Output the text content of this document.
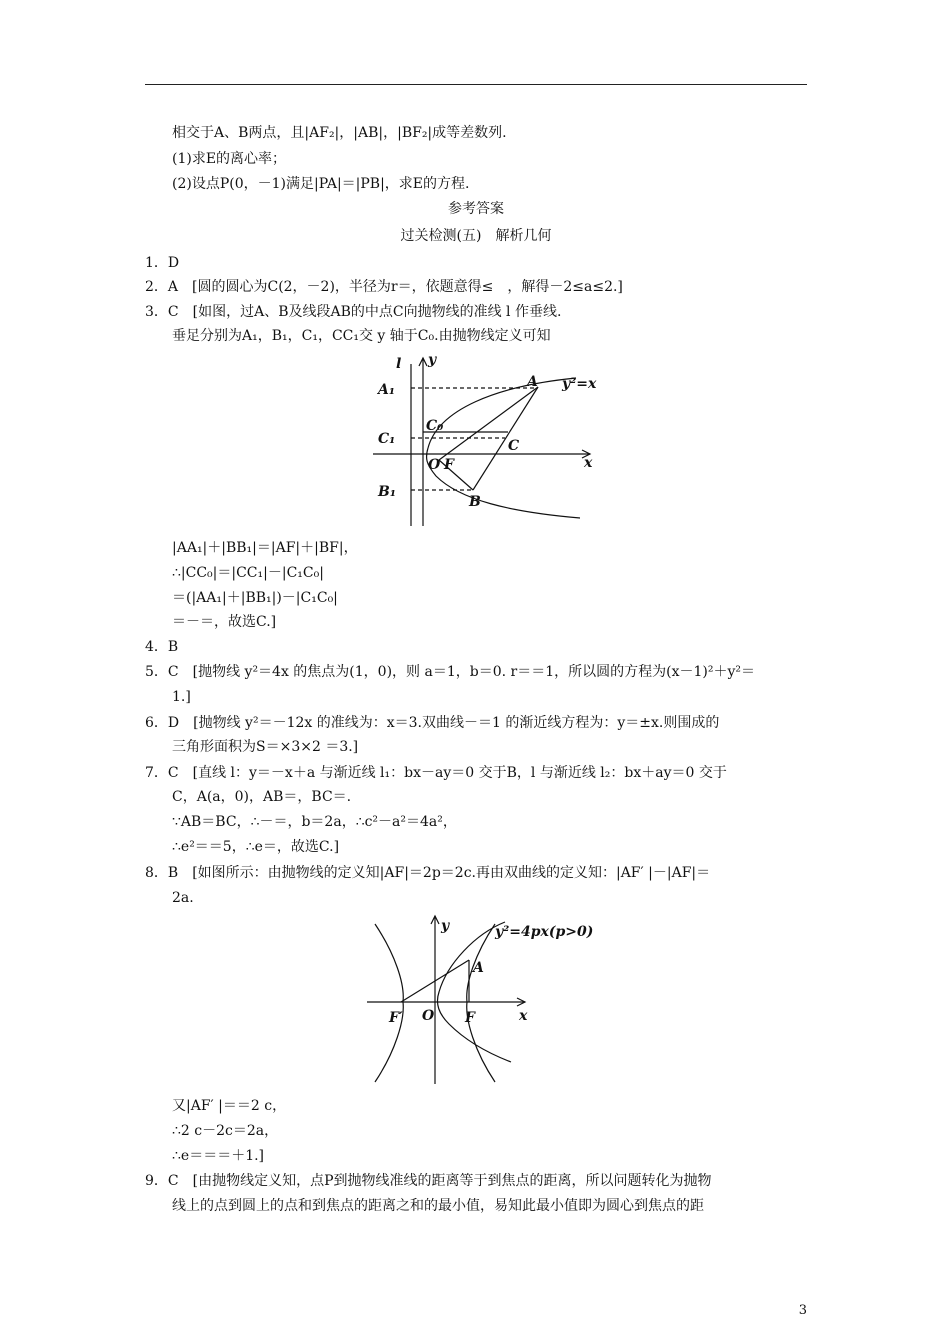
相交于A、B两点，且|AF₂|，|AB|，|BF₂|成等差数列.
(1)求E的离心率；
(2)设点P(0，－1)满足|PA|＝|PB|，求E的方程.
参考答案
过关检测(五)　解析几何
1．D
2．A　[圆的圆心为C(2，－2)，半径为r＝，依题意得≤　，解得－2≤a≤2.]
3．C　[如图，过A、B及线段AB的中点C向抛物线的准线 l 作垂线.
垂足分别为A₁，B₁，C₁，CC₁交 y 轴于C₀.由抛物线定义可知
l y
A y²=x
A₁
C₀
C₁	C
O F	x
B₁
B
|AA₁|＋|BB₁|＝|AF|＋|BF|，
∴|CC₀|＝|CC₁|－|C₁C₀|
＝(|AA₁|＋|BB₁|)－|C₁C₀|
＝－＝，故选C.]
4．B
5．C　[抛物线 y²＝4x 的焦点为(1，0)，则 a＝1，b＝0. r＝＝1，所以圆的方程为(x－1)²＋y²＝
1.]
6．D　[抛物线 y²＝－12x 的准线为：x＝3.双曲线－＝1 的渐近线方程为：y＝±x.则围成的
三角形面积为S＝×3×2 ＝3.]
7．C　[直线 l：y＝－x＋a 与渐近线 l₁：bx－ay＝0 交于B，l 与渐近线 l₂：bx＋ay＝0 交于
C，A(a，0)，AB＝，BC＝.
∵AB＝BC，∴－＝，b＝2a，∴c²－a²＝4a²，
∴e²＝＝5，∴e＝，故选C.]
8．B　[如图所示：由抛物线的定义知|AF|＝2p＝2c.再由双曲线的定义知：|AF′ |－|AF|＝
2a.
y	y²=4px(p>0)
A
F′ O F	x
又|AF′ |＝＝2 c，
∴2 c－2c＝2a，
∴e＝＝＝＋1.]
9．C　[由抛物线定义知，点P到抛物线准线的距离等于到焦点的距离，所以问题转化为抛物
线上的点到圆上的点和到焦点的距离之和的最小值，易知此最小值即为圆心到焦点的距
3
